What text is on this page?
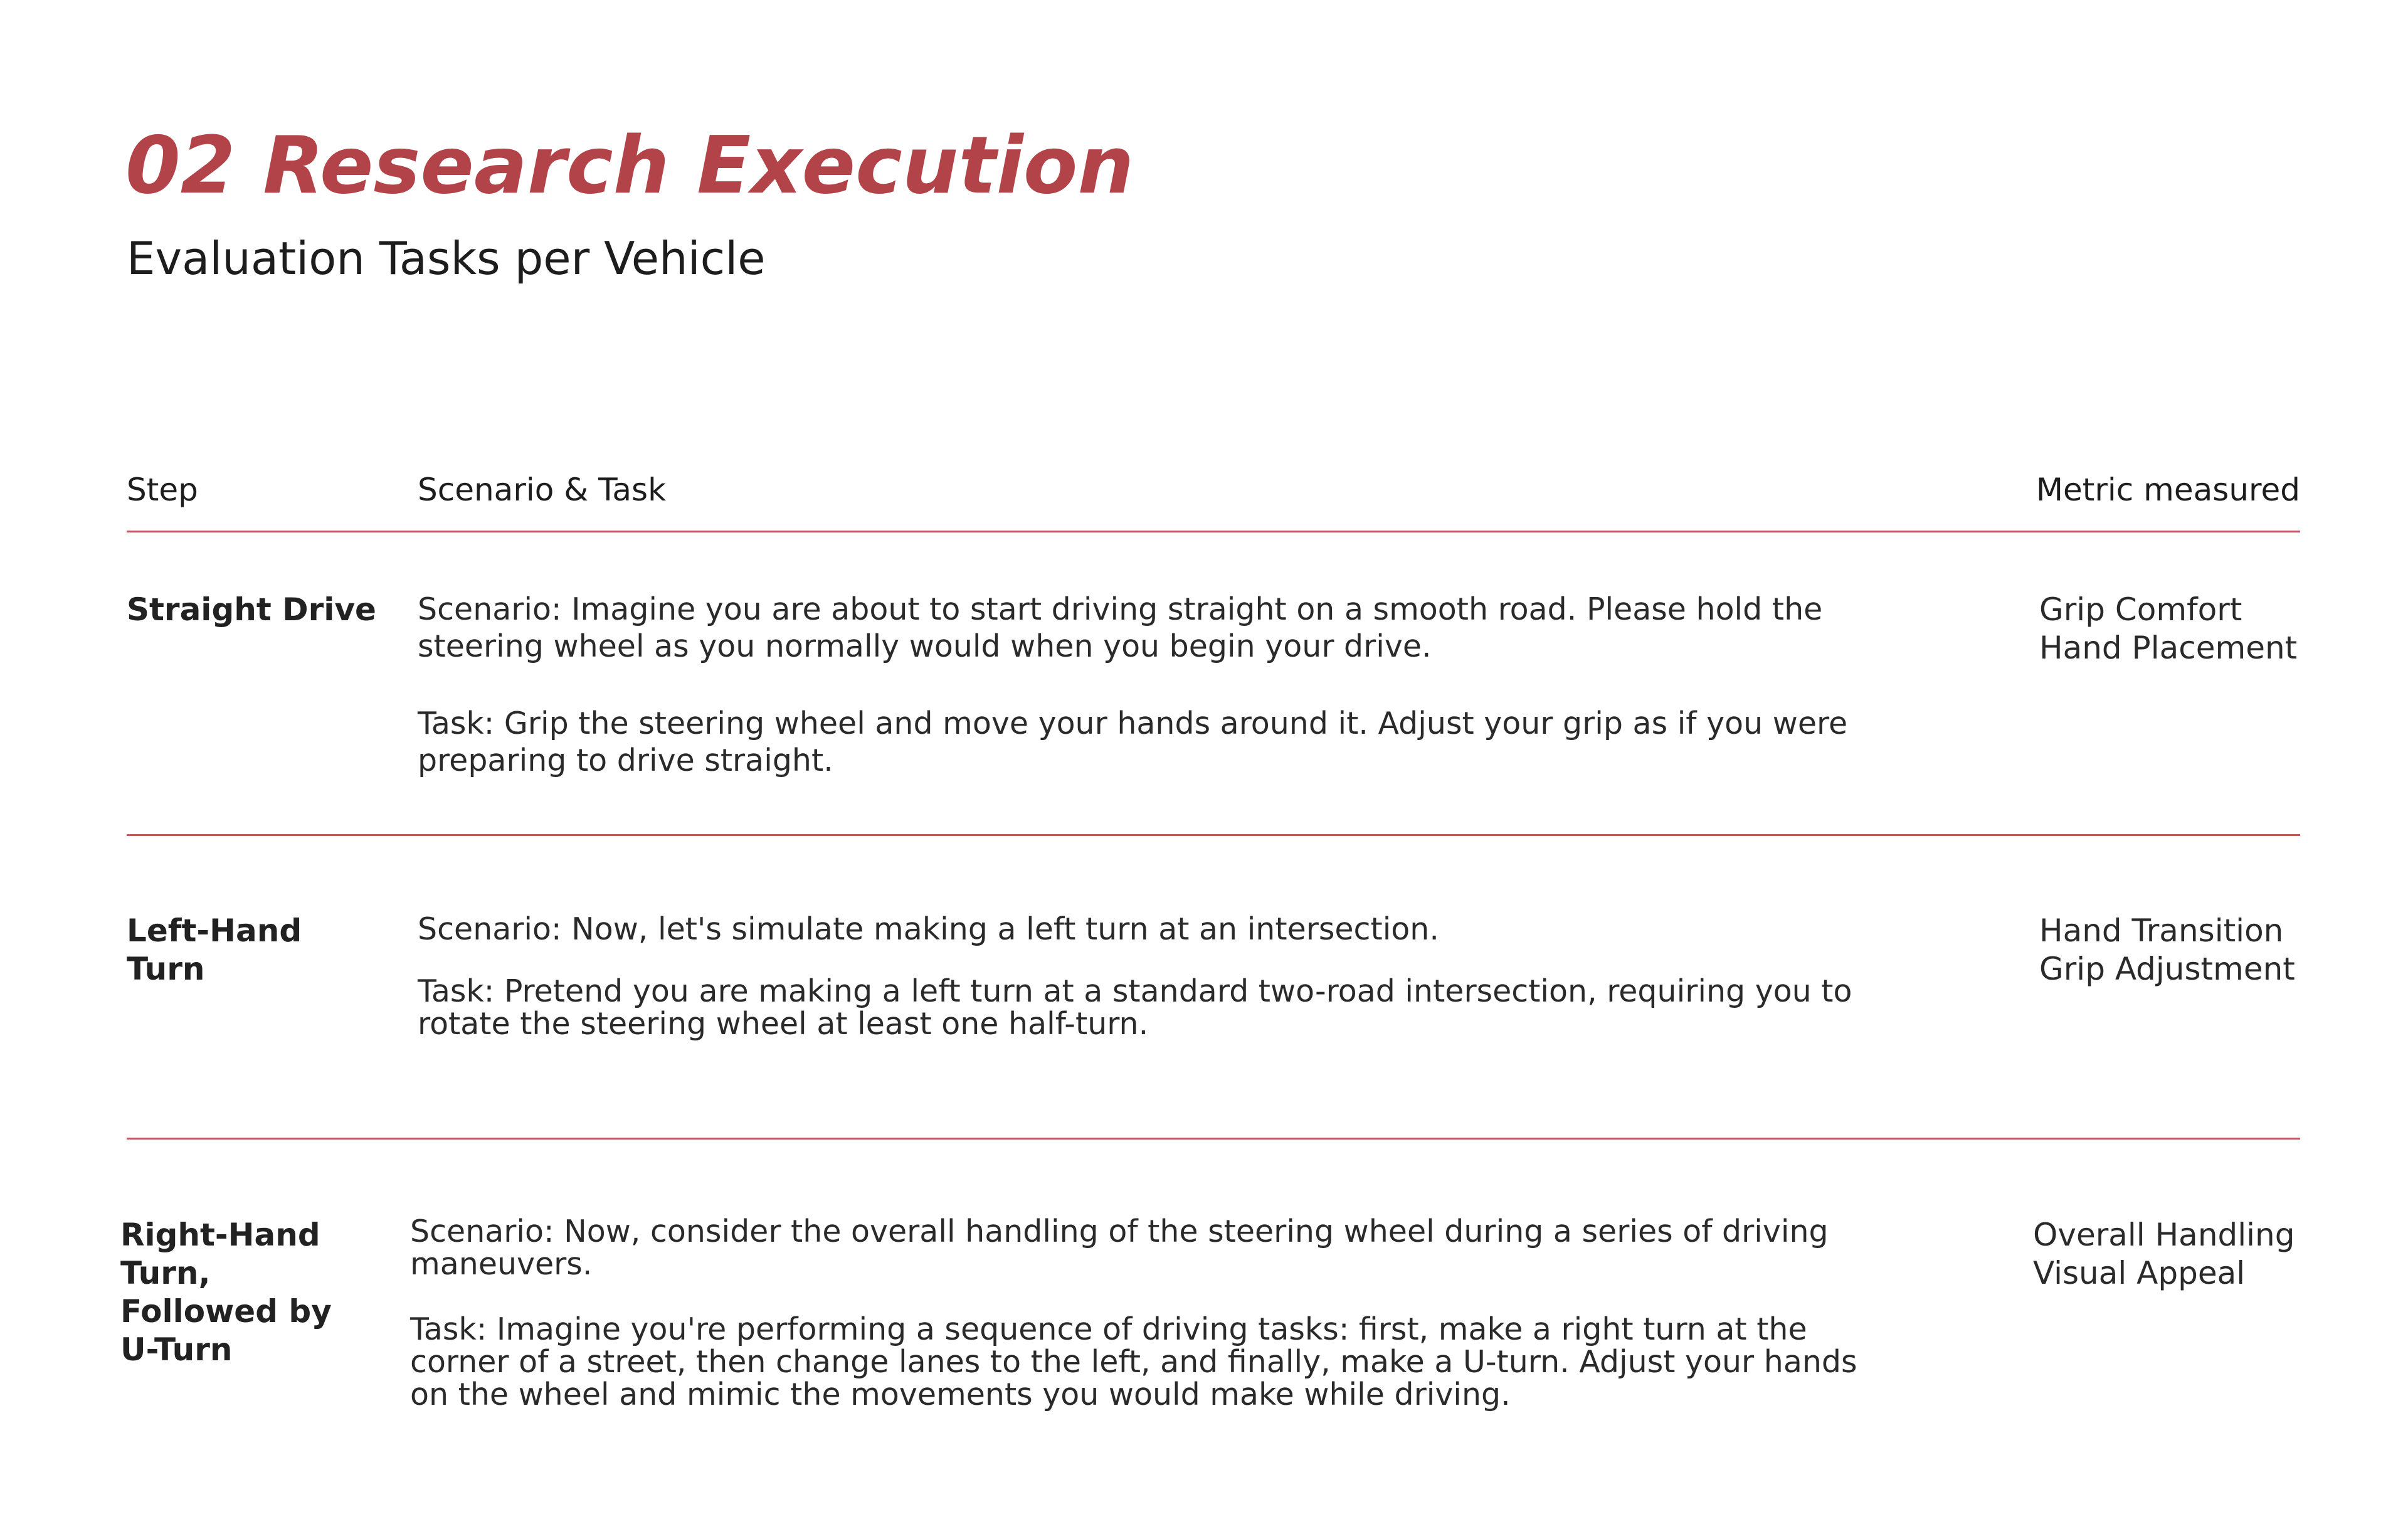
02 Research Execution
Evaluation Tasks per Vehicle
Step	Scenario & Task	Metric measured
Straight Drive Scenario: Imagine you are about to start driving straight on a smooth road. Please hold the steering wheel as you normally would when you begin your drive.

Task: Grip the steering wheel and move your hands around it. Adjust your grip as if you were preparing to drive straight.

Grip Comfort
Hand Placement
Left-Hand Turn

Scenario: Now, let's simulate making a left turn at an intersection.

Task: Pretend you are making a left turn at a standard two-road intersection, requiring you to rotate the steering wheel at least one half-turn.

Hand Transition
Grip Adjustment
Right-Hand Turn, Followed by U-Turn

Scenario: Now, consider the overall handling of the steering wheel during a series of driving maneuvers.

Task: Imagine you're performing a sequence of driving tasks: first, make a right turn at the corner of a street, then change lanes to the left, and finally, make a U-turn. Adjust your hands on the wheel and mimic the movements you would make while driving.

Overall Handling
Visual Appeal
